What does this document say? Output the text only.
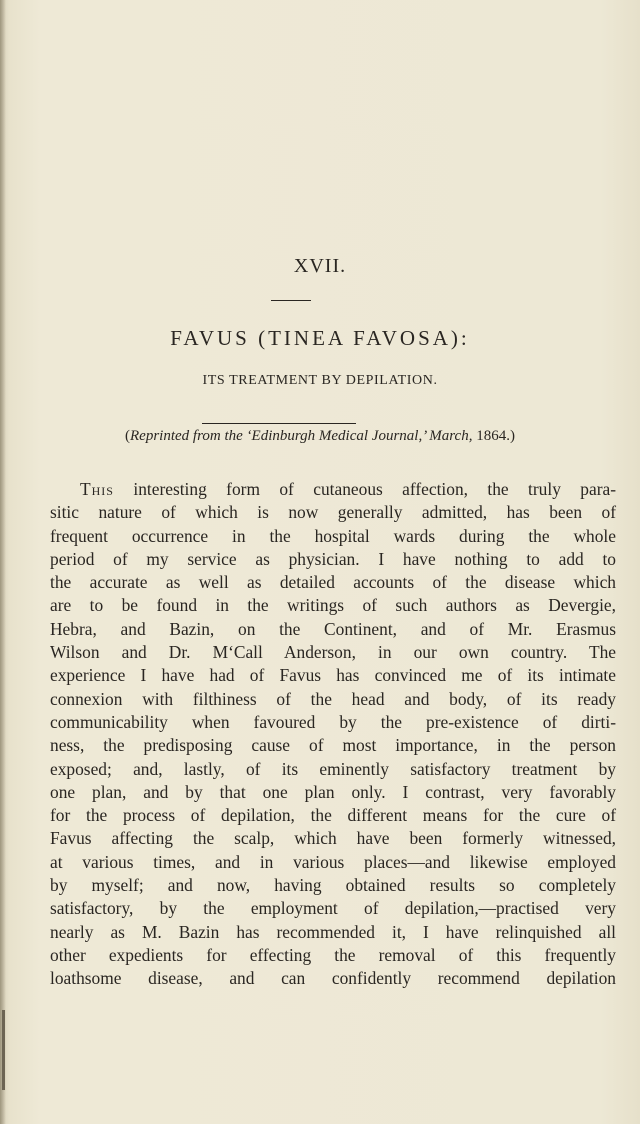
XVII.
FAVUS (TINEA FAVOSA):
ITS TREATMENT BY DEPILATION.
(Reprinted from the ‘Edinburgh Medical Journal,’ March, 1864.)
This interesting form of cutaneous affection, the truly para-
sitic nature of which is now generally admitted, has been of
frequent occurrence in the hospital wards during the whole
period of my service as physician. I have nothing to add to
the accurate as well as detailed accounts of the disease which
are to be found in the writings of such authors as Devergie,
Hebra, and Bazin, on the Continent, and of Mr. Erasmus
Wilson and Dr. M‘Call Anderson, in our own country. The
experience I have had of Favus has convinced me of its intimate
connexion with filthiness of the head and body, of its ready
communicability when favoured by the pre-existence of dirti-
ness, the predisposing cause of most importance, in the person
exposed; and, lastly, of its eminently satisfactory treatment by
one plan, and by that one plan only. I contrast, very favorably
for the process of depilation, the different means for the cure of
Favus affecting the scalp, which have been formerly witnessed,
at various times, and in various places—and likewise employed
by myself; and now, having obtained results so completely
satisfactory, by the employment of depilation,—practised very
nearly as M. Bazin has recommended it, I have relinquished all
other expedients for effecting the removal of this frequently
loathsome disease, and can confidently recommend depilation
